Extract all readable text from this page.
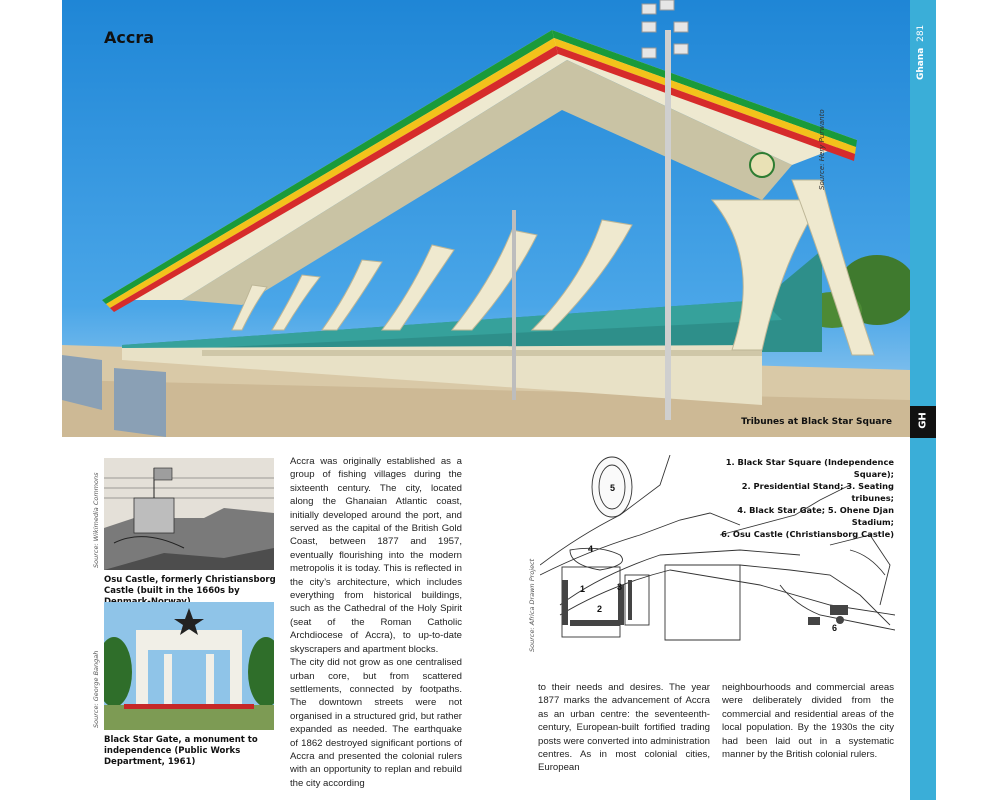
Accra
Tribunes at Black Star Square
Source: Hery Purwanto
Ghana  281
GH
Source: Wikimedia Commons
Osu Castle, formerly Christiansborg Castle (built in the 1660s by
Source: George Bangah
Black Star Gate, a monument to independence (Public Works Department, 1961)

Accra was originally established as a group of fishing villages during the sixteenth century. The city, located along the Ghanaian Atlantic coast, initially developed around the port, and served as the capital of the British Gold Coast, between 1877 and 1957, eventually flourishing into the modern metropolis it is today. This is reflected in the city’s architecture, which includes everything from historical buildings, such as the Cathedral of the Holy Spirit (seat of the Roman Catholic Archdiocese of Accra), to up-to-date skyscrapers and apartment blocks.

The city did not grow as one centralised urban core, but from scattered settlements, connected by footpaths. The downtown streets were not organised in a structured grid, but rather expanded as needed. The earthquake of 1862 destroyed significant portions of Accra and presented the colonial rulers with an opportunity to replan and rebuild the city according

1
2
3
4
5
6
Source: Africa Drawn Project
1. Black Star Square (Independence Square);
2. Presidential Stand; 3. Seating tribunes;
4. Black Star Gate; 5. Ohene Djan Stadium;
6. Osu Castle (Christiansborg Castle)
to their needs and desires. The year 1877 marks the advancement of Accra as an urban centre: the seventeenth-century, European-built fortified trading posts were converted into administration centres. As in most colonial cities, European
neighbourhoods and commercial areas were deliberately divided from the commercial and residential areas of the local population. By the 1930s the city had been laid out in a systematic manner by the British colonial rulers.
